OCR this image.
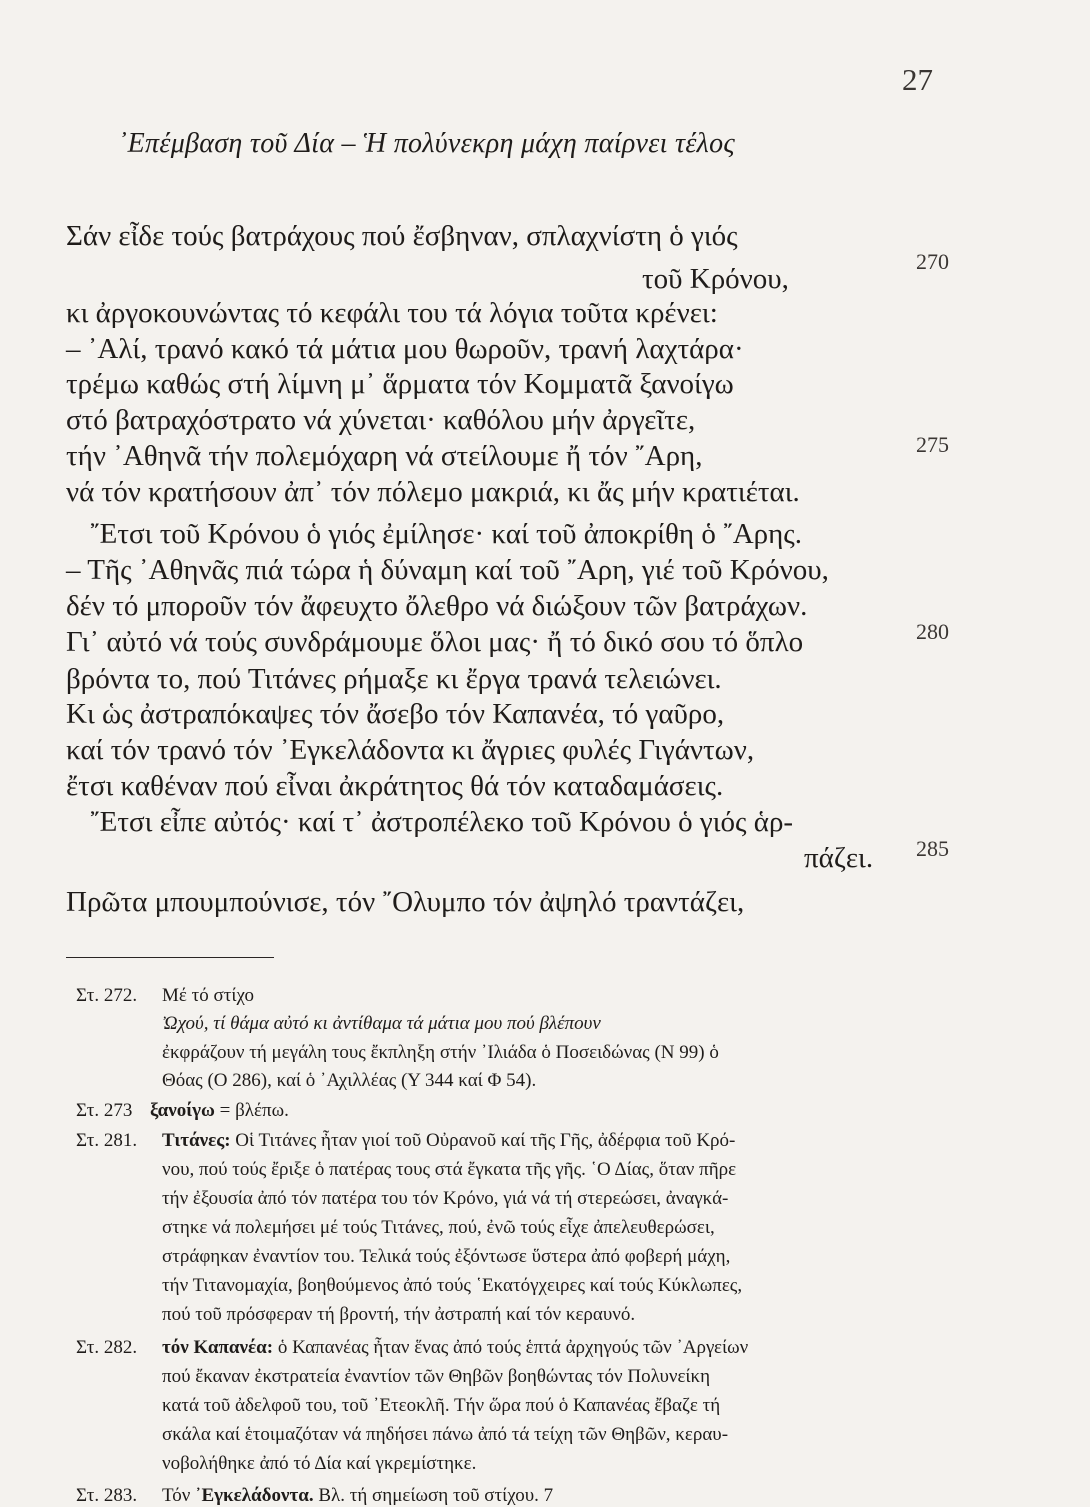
27
᾿Επέμβαση τοῦ Δία – Ἡ πολύνεκρη μάχη παίρνει τέλος
Σάν εἶδε τούς βατράχους πού ἔσβηναν, σπλαχνίστη ὁ γιός
τοῦ Κρόνου,
270
κι ἀργοκουνώντας τό κεφάλι του τά λόγια τοῦτα κρένει:
– ᾿Αλί, τρανό κακό τά μάτια μου θωροῦν, τρανή λαχτάρα·
τρέμω καθώς στή λίμνη μ᾿ ἅρματα τόν Κομματᾶ ξανοίγω
στό βατραχόστρατο νά χύνεται· καθόλου μήν ἀργεῖτε,
τήν ᾿Αθηνᾶ τήν πολεμόχαρη νά στείλουμε ἤ τόν ῎Αρη,	275
νά τόν κρατήσουν ἀπ᾿ τόν πόλεμο μακριά, κι ἄς μήν κρατιέται.
῎Ετσι τοῦ Κρόνου ὁ γιός ἐμίλησε· καί τοῦ ἀποκρίθη ὁ ῎Αρης.
– Τῆς ᾿Αθηνᾶς πιά τώρα ἡ δύναμη καί τοῦ ῎Αρη, γιέ τοῦ Κρόνου,
δέν τό μποροῦν τόν ἄφευχτο ὄλεθρο νά διώξουν τῶν βατράχων.
Γι᾿ αὐτό νά τούς συνδράμουμε ὅλοι μας· ἤ τό δικό σου τό ὅπλο	280
βρόντα το, πού Τιτάνες ρήμαξε κι ἔργα τρανά τελειώνει.
Κι ὡς ἀστραπόκαψες τόν ἄσεβο τόν Καπανέα, τό γαῦρο,
καί τόν τρανό τόν ᾿Εγκελάδοντα κι ἄγριες φυλές Γιγάντων,
ἔτσι καθέναν πού εἶναι ἀκράτητος θά τόν καταδαμάσεις.
῎Ετσι εἶπε αὐτός· καί τ᾿ ἀστροπέλεκο τοῦ Κρόνου ὁ γιός ἁρ-
πάζει. 285
Πρῶτα μπουμπούνισε, τόν ῎Ολυμπο τόν ἀψηλό τραντάζει,
Στ. 272. Μέ τό στίχο
Ὠχού, τί θάμα αὐτό κι ἀντίθαμα τά μάτια μου πού βλέπουν
ἐκφράζουν τή μεγάλη τους ἔκπληξη στήν ᾿Ιλιάδα ὁ Ποσειδώνας (Ν 99) ὁ
Θόας (Ο 286), καί ὁ ᾿Αχιλλέας (Υ 344 καί Φ 54).
Στ. 273 ξανοίγω = βλέπω.
Στ. 281. Τιτάνες: Οἱ Τιτάνες ἦταν γιοί τοῦ Οὐρανοῦ καί τῆς Γῆς, ἀδέρφια τοῦ Κρό-
νου, πού τούς ἔριξε ὁ πατέρας τους στά ἔγκατα τῆς γῆς. ῾Ο Δίας, ὅταν πῆρε
τήν ἐξουσία ἀπό τόν πατέρα του τόν Κρόνο, γιά νά τή στερεώσει, ἀναγκά-
στηκε νά πολεμήσει μέ τούς Τιτάνες, πού, ἐνῶ τούς εἶχε ἀπελευθερώσει,
στράφηκαν ἐναντίον του. Τελικά τούς ἐξόντωσε ὕστερα ἀπό φοβερή μάχη,
τήν Τιτανομαχία, βοηθούμενος ἀπό τούς ῾Εκατόγχειρες καί τούς Κύκλωπες,
πού τοῦ πρόσφεραν τή βροντή, τήν ἀστραπή καί τόν κεραυνό.
Στ. 282. τόν Καπανέα: ὁ Καπανέας ἦταν ἕνας ἀπό τούς ἑπτά ἀρχηγούς τῶν ᾿Αργείων
πού ἔκαναν ἐκστρατεία ἐναντίον τῶν Θηβῶν βοηθώντας τόν Πολυνείκη
κατά τοῦ ἀδελφοῦ του, τοῦ ᾿Ετεοκλῆ. Τήν ὥρα πού ὁ Καπανέας ἔβαζε τή
σκάλα καί ἑτοιμαζόταν νά πηδήσει πάνω ἀπό τά τείχη τῶν Θηβῶν, κεραυ-
νοβολήθηκε ἀπό τό Δία καί γκρεμίστηκε.
Στ. 283. Τόν ᾿Εγκελάδοντα. Βλ. τή σημείωση τοῦ στίχου. 7
